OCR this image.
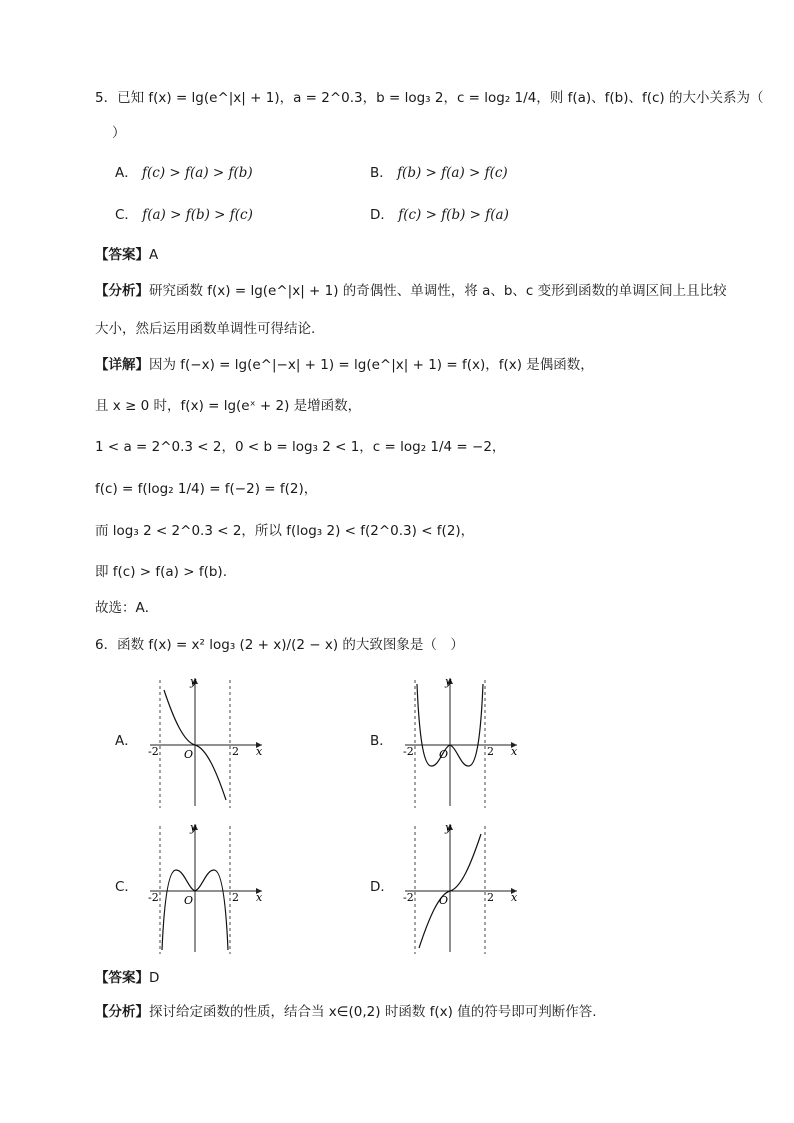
5．已知 f(x) = lg(e^|x| + 1)，a = 2^0.3，b = log₃ 2，c = log₂ 1/4，则 f(a)、f(b)、f(c) 的大小关系为（
）
A． f(c) > f(a) > f(b)	B． f(b) > f(a) > f(c)
C． f(a) > f(b) > f(c)	D． f(c) > f(b) > f(a)
【答案】A
【分析】研究函数 f(x) = lg(e^|x| + 1) 的奇偶性、单调性，将 a、b、c 变形到函数的单调区间上且比较
大小，然后运用函数单调性可得结论.
【详解】因为 f(−x) = lg(e^|−x| + 1) = lg(e^|x| + 1) = f(x)，f(x) 是偶函数，
且 x ≥ 0 时，f(x) = lg(eˣ + 2) 是增函数，
1 < a = 2^0.3 < 2，0 < b = log₃ 2 < 1，c = log₂ 1/4 = −2，
f(c) = f(log₂ 1/4) = f(−2) = f(2)，
而 log₃ 2 < 2^0.3 < 2，所以 f(log₃ 2) < f(2^0.3) < f(2)，
即 f(c) > f(a) > f(b).
故选：A．
6．函数 f(x) = x² log₃ (2 + x)/(2 − x) 的大致图象是（　）
A．
y
x
O
-2	2
B．
y
x
O
-2	2
C．
y
x
O
-2	2
D．
y
x
O
-2	2
【答案】D
【分析】探讨给定函数的性质，结合当 x∈(0,2) 时函数 f(x) 值的符号即可判断作答.
